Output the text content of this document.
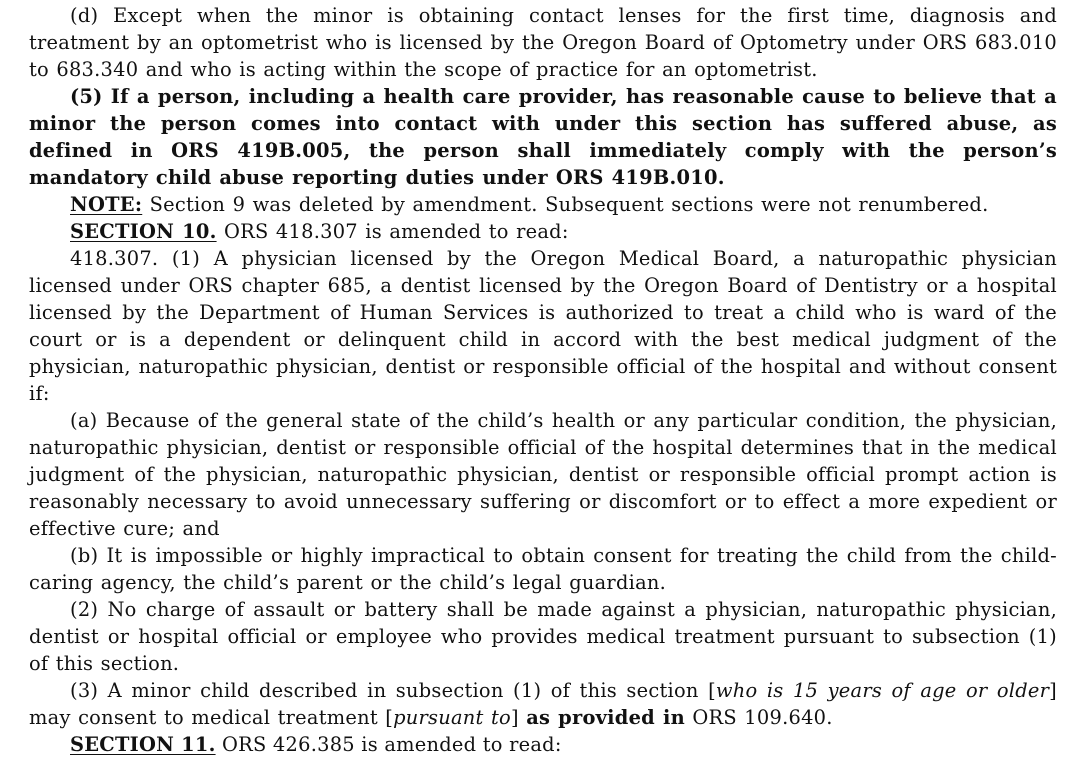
(d) Except when the minor is obtaining contact lenses for the first time, diagnosis and treatment by an optometrist who is licensed by the Oregon Board of Optometry under ORS 683.010 to 683.340 and who is acting within the scope of practice for an optometrist.

(5) If a person, including a health care provider, has reasonable cause to believe that a minor the person comes into contact with under this section has suffered abuse, as defined in ORS 419B.005, the person shall immediately comply with the person’s mandatory child abuse reporting duties under ORS 419B.010.

NOTE: Section 9 was deleted by amendment. Subsequent sections were not renumbered.

SECTION 10. ORS 418.307 is amended to read:

418.307. (1) A physician licensed by the Oregon Medical Board, a naturopathic physician licensed under ORS chapter 685, a dentist licensed by the Oregon Board of Dentistry or a hospital licensed by the Department of Human Services is authorized to treat a child who is ward of the court or is a dependent or delinquent child in accord with the best medical judgment of the physician, naturopathic physician, dentist or responsible official of the hospital and without consent if:

(a) Because of the general state of the child’s health or any particular condition, the physician, naturopathic physician, dentist or responsible official of the hospital determines that in the medical judgment of the physician, naturopathic physician, dentist or responsible official prompt action is reasonably necessary to avoid unnecessary suffering or discomfort or to effect a more expedient or effective cure; and

(b) It is impossible or highly impractical to obtain consent for treating the child from the child-caring agency, the child’s parent or the child’s legal guardian.

(2) No charge of assault or battery shall be made against a physician, naturopathic physician, dentist or hospital official or employee who provides medical treatment pursuant to subsection (1) of this section.

(3) A minor child described in subsection (1) of this section [who is 15 years of age or older] may consent to medical treatment [pursuant to] as provided in ORS 109.640.

SECTION 11. ORS 426.385 is amended to read:
